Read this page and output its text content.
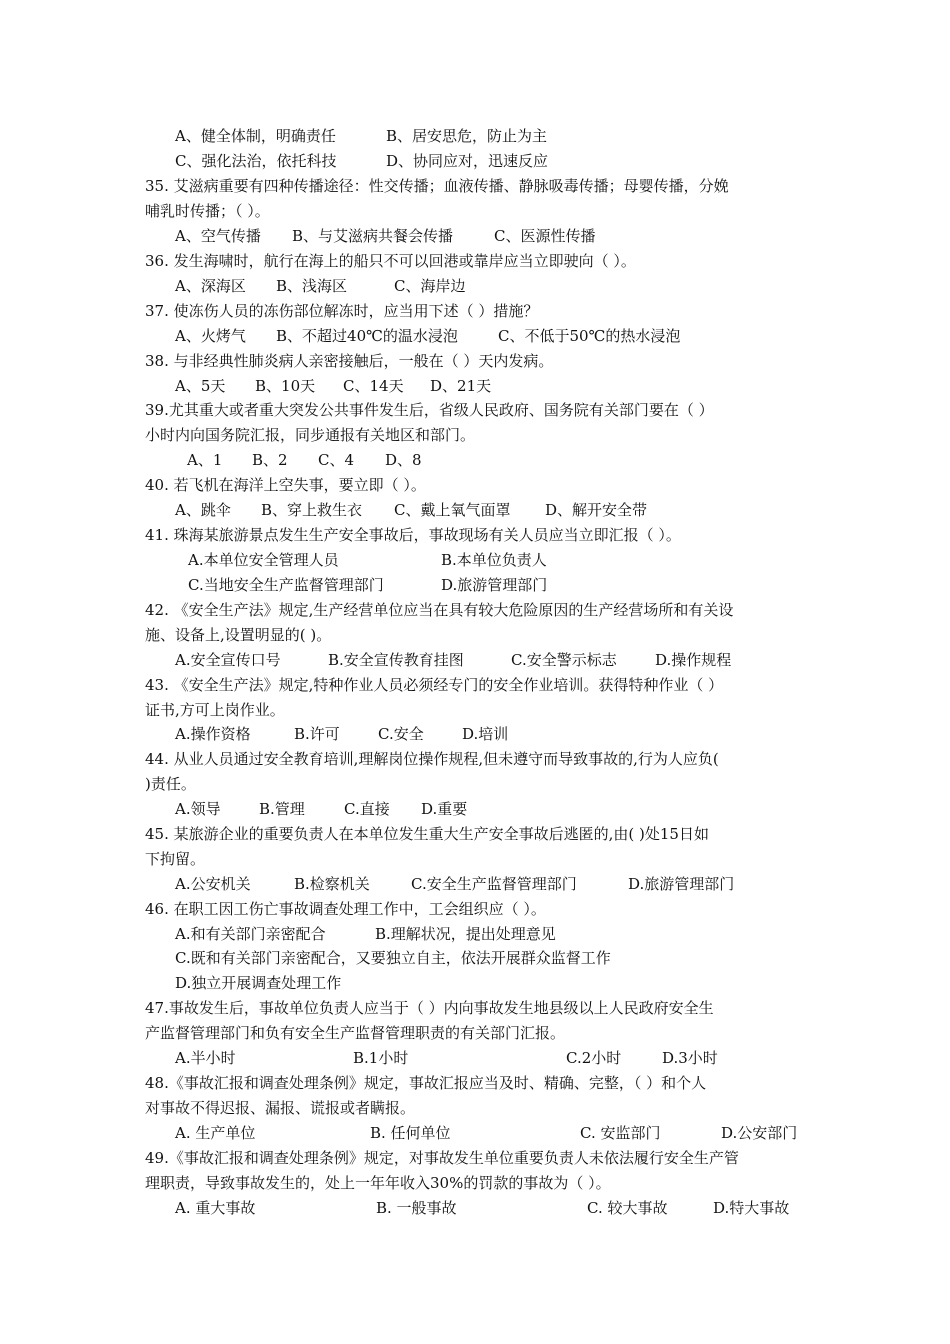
A、健全体制，明确责任	B、居安思危，防止为主
C、强化法治，依托科技	D、协同应对，迅速反应
35. 艾滋病重要有四种传播途径：性交传播；血液传播、静脉吸毒传播；母婴传播，分娩
哺乳时传播；（ ）。
A、空气传播 B、与艾滋病共餐会传播	C、医源性传播
36. 发生海啸时，航行在海上的船只不可以回港或靠岸应当立即驶向（ ）。
A、深海区 B、浅海区	C、海岸边
37. 使冻伤人员的冻伤部位解冻时，应当用下述（ ）措施？
A、火烤气 B、不超过40℃的温水浸泡	C、不低于50℃的热水浸泡
38. 与非经典性肺炎病人亲密接触后，一般在（ ）天内发病。
A、5天 B、10天 C、14天 D、21天
39.尤其重大或者重大突发公共事件发生后，省级人民政府、国务院有关部门要在（ ）
小时内向国务院汇报，同步通报有关地区和部门。
A、1 B、2 C、4 D、8
40. 若飞机在海洋上空失事，要立即（ ）。
A、跳伞 B、穿上救生衣 C、戴上氧气面罩 D、解开安全带
41. 珠海某旅游景点发生生产安全事故后，事故现场有关人员应当立即汇报（ ）。
A.本单位安全管理人员	B.本单位负责人
C.当地安全生产监督管理部门	D.旅游管理部门
42. 《安全生产法》规定,生产经营单位应当在具有较大危险原因的生产经营场所和有关设
施、设备上,设置明显的( )。
A.安全宣传口号	B.安全宣传教育挂图	C.安全警示标志	D.操作规程
43. 《安全生产法》规定,特种作业人员必须经专门的安全作业培训。获得特种作业（ ）
证书,方可上岗作业。
A.操作资格	B.许可	C.安全	D.培训
44. 从业人员通过安全教育培训,理解岗位操作规程,但未遵守而导致事故的,行为人应负(
)责任。
A.领导	B.管理	C.直接 D.重要
45. 某旅游企业的重要负责人在本单位发生重大生产安全事故后逃匿的,由( )处15日如
下拘留。
A.公安机关	B.检察机关	C.安全生产监督管理部门	D.旅游管理部门
46. 在职工因工伤亡事故调查处理工作中，工会组织应（ ）。
A.和有关部门亲密配合	B.理解状况，提出处理意见
C.既和有关部门亲密配合，又要独立自主，依法开展群众监督工作
D.独立开展调查处理工作
47.事故发生后，事故单位负责人应当于（ ）内向事故发生地县级以上人民政府安全生
产监督管理部门和负有安全生产监督管理职责的有关部门汇报。
A.半小时	B.1小时	C.2小时	D.3小时
48.《事故汇报和调查处理条例》规定，事故汇报应当及时、精确、完整，（ ）和个人
对事故不得迟报、漏报、谎报或者瞒报。
A. 生产单位	B. 任何单位	C. 安监部门	D.公安部门
49.《事故汇报和调查处理条例》规定，对事故发生单位重要负责人未依法履行安全生产管
理职责，导致事故发生的，处上一年年收入30%的罚款的事故为（ ）。
A. 重大事故	B. 一般事故	C. 较大事故	D.特大事故
